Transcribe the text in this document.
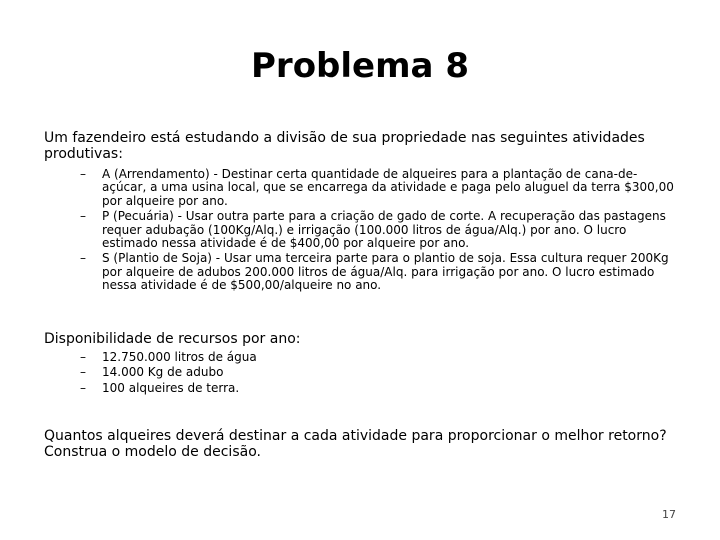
Problema 8
Um fazendeiro está estudando a divisão de sua propriedade nas seguintes atividades produtivas:
– A (Arrendamento) - Destinar certa quantidade de alqueires para a plantação de cana-de-açúcar, a uma usina local, que se encarrega da atividade e paga pelo aluguel da terra $300,00 por alqueire por ano.
– P (Pecuária) - Usar outra parte para a criação de gado de corte. A recuperação das pastagens requer adubação (100Kg/Alq.) e irrigação (100.000 litros de água/Alq.) por ano. O lucro estimado nessa atividade é de $400,00 por alqueire por ano.
– S (Plantio de Soja) - Usar uma terceira parte para o plantio de soja. Essa cultura requer 200Kg por alqueire de adubos 200.000 litros de água/Alq. para irrigação por ano. O lucro estimado nessa atividade é de $500,00/alqueire no ano.
Disponibilidade de recursos por ano:
– 12.750.000 litros de água
– 14.000 Kg de adubo
– 100 alqueires de terra.
Quantos alqueires deverá destinar a cada atividade para proporcionar o melhor retorno? Construa o modelo de decisão.
17
